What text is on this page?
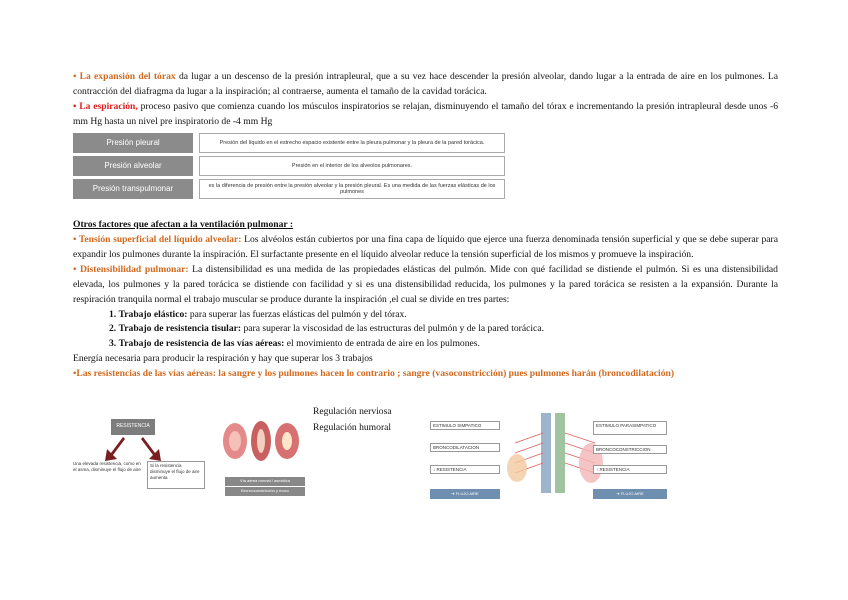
• La expansión del tórax da lugar a un descenso de la presión intrapleural, que a su vez hace descender la presión alveolar, dando lugar a la entrada de aire en los pulmones. La contracción del diafragma da lugar a la inspiración; al contraerse, aumenta el tamaño de la cavidad torácica.

• La espiración, proceso pasivo que comienza cuando los músculos inspiratorios se relajan, disminuyendo el tamaño del tórax e incrementando la presión intrapleural desde unos -6 mm Hg hasta un nivel pre inspiratorio de -4 mm Hg

Presión pleural	Presión del líquido en el estrecho espacio existente entre la pleura pulmonar y la pleura de la pared torácica.
Presión alveolar	Presión en el interior de los alveolos pulmonares.
Presión transpulmonar	es la diferencia de presión entre la presión alveolar y la presión pleural. Es una medida de las fuerzas elásticas de los pulmones

Otros factores que afectan a la ventilación pulmonar :

• Tensión superficial del líquido alveolar: Los alvéolos están cubiertos por una fina capa de líquido que ejerce una fuerza denominada tensión superficial y que se debe superar para expandir los pulmones durante la inspiración. El surfactante presente en el líquido alveolar reduce la tensión superficial de los mismos y promueve la inspiración.

• Distensibilidad pulmonar: La distensibilidad es una medida de las propiedades elásticas del pulmón. Mide con qué facilidad se distiende el pulmón. Si es una distensibilidad elevada, los pulmones y la pared torácica se distiende con facilidad y si es una distensibilidad reducida, los pulmones y la pared torácica se resisten a la expansión. Durante la respiración tranquila normal el trabajo muscular se produce durante la inspiración ,el cual se divide en tres partes:

1. Trabajo elástico: para superar las fuerzas elásticas del pulmón y del tórax.

2. Trabajo de resistencia tisular: para superar la viscosidad de las estructuras del pulmón y de la pared torácica.

3. Trabajo de resistencia de las vías aéreas: el movimiento de entrada de aire en los pulmones.

Energía necesaria para producir la respiración y hay que superar los 3 trabajos

•Las resistencias de las vías aéreas: la sangre y los pulmones hacen lo contrario ; sangre (vasoconstricción) pues pulmones harán (broncodilatación)

RESISTENCIA
Una elevada resistencia, como en el asma, disminuye el flujo de aire
Si la resistencia disminuye el flujo de aire aumenta
Vía aérea normal / asmática
Broncoconstricción y moco
Regulación nerviosa
Regulación humoral	ESTIMULO SIMPATICO
BRONCODILATACION
↓ RESISTENCIA
➔ FLUJO AIRE
ESTIMULO PARASIMPATICO
BRONCOCONSTRICCION
↑ RESISTENCIA
➔ FLUJO AIRE
